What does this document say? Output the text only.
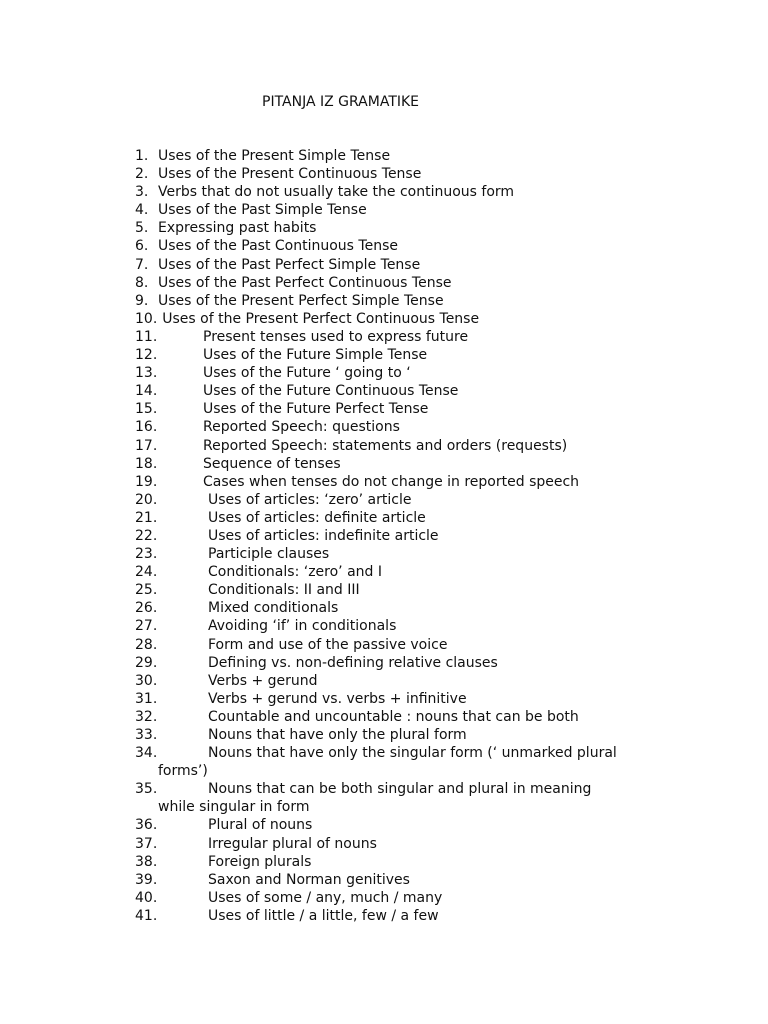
PITANJA IZ GRAMATIKE
1. Uses of the Present Simple Tense
2. Uses of the Present Continuous Tense
3. Verbs that do not usually take the continuous form
4. Uses of the Past Simple Tense
5. Expressing past habits
6. Uses of the Past Continuous Tense
7. Uses of the Past Perfect Simple Tense
8. Uses of the Past Perfect Continuous Tense
9. Uses of the Present Perfect Simple Tense
10. Uses of the Present Perfect Continuous Tense
11.	Present tenses used to express future
12.	Uses of the Future Simple Tense
13.	Uses of the Future ‘ going to ‘
14.	Uses of the Future Continuous Tense
15.	Uses of the Future Perfect Tense
16.	Reported Speech: questions
17.	Reported Speech: statements and orders (requests)
18.	Sequence of tenses
19.	Cases when tenses do not change in reported speech
20.	Uses of articles: ‘zero’ article
21.	Uses of articles: definite article
22.	Uses of articles: indefinite article
23.	Participle clauses
24.	Conditionals: ‘zero’ and I
25.	Conditionals: II and III
26.	Mixed conditionals
27.	Avoiding ‘if’ in conditionals
28.	Form and use of the passive voice
29.	Defining vs. non-defining relative clauses
30.	Verbs + gerund
31.	Verbs + gerund vs. verbs + infinitive
32.	Countable and uncountable : nouns that can be both
33.	Nouns that have only the plural form
34.	Nouns that have only the singular form (‘ unmarked plural
forms’)
35.	Nouns that can be both singular and plural in meaning
while singular in form
36.	Plural of nouns
37.	Irregular plural of nouns
38.	Foreign plurals
39.	Saxon and Norman genitives
40.	Uses of some / any, much / many
41.	Uses of little / a little, few / a few
